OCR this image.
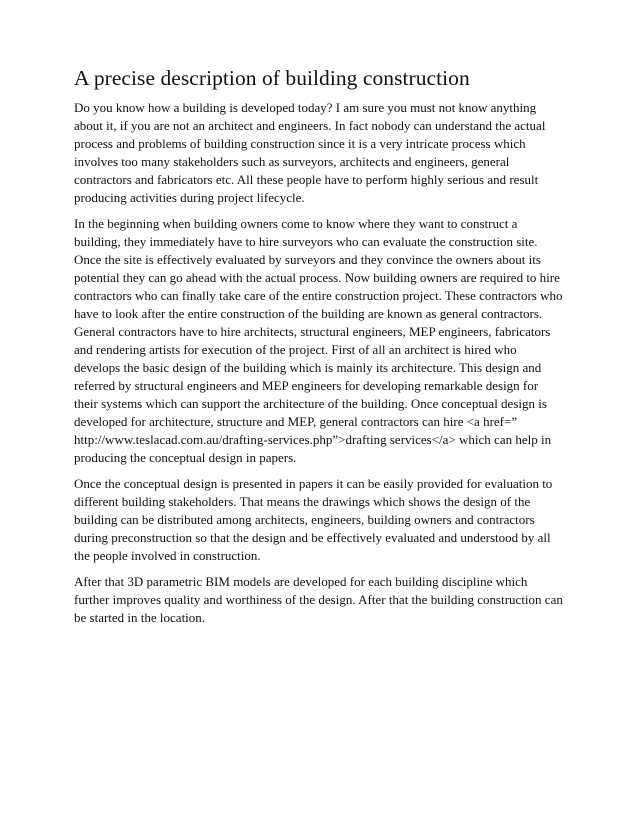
A precise description of building construction

Do you know how a building is developed today? I am sure you must not know anything about it, if you are not an architect and engineers. In fact nobody can understand the actual process and problems of building construction since it is a very intricate process which involves too many stakeholders such as surveyors, architects and engineers, general contractors and fabricators etc. All these people have to perform highly serious and result producing activities during project lifecycle.

In the beginning when building owners come to know where they want to construct a building, they immediately have to hire surveyors who can evaluate the construction site. Once the site is effectively evaluated by surveyors and they convince the owners about its potential they can go ahead with the actual process. Now building owners are required to hire contractors who can finally take care of the entire construction project. These contractors who have to look after the entire construction of the building are known as general contractors. General contractors have to hire architects, structural engineers, MEP engineers, fabricators and rendering artists for execution of the project. First of all an architect is hired who develops the basic design of the building which is mainly its architecture. This design and referred by structural engineers and MEP engineers for developing remarkable design for their systems which can support the architecture of the building. Once conceptual design is developed for architecture, structure and MEP, general contractors can hire <a href=” http://www.teslacad.com.au/drafting-services.php”>drafting services</a> which can help in producing the conceptual design in papers.

Once the conceptual design is presented in papers it can be easily provided for evaluation to different building stakeholders. That means the drawings which shows the design of the building can be distributed among architects, engineers, building owners and contractors during preconstruction so that the design and be effectively evaluated and understood by all the people involved in construction.

After that 3D parametric BIM models are developed for each building discipline which further improves quality and worthiness of the design. After that the building construction can be started in the location.
